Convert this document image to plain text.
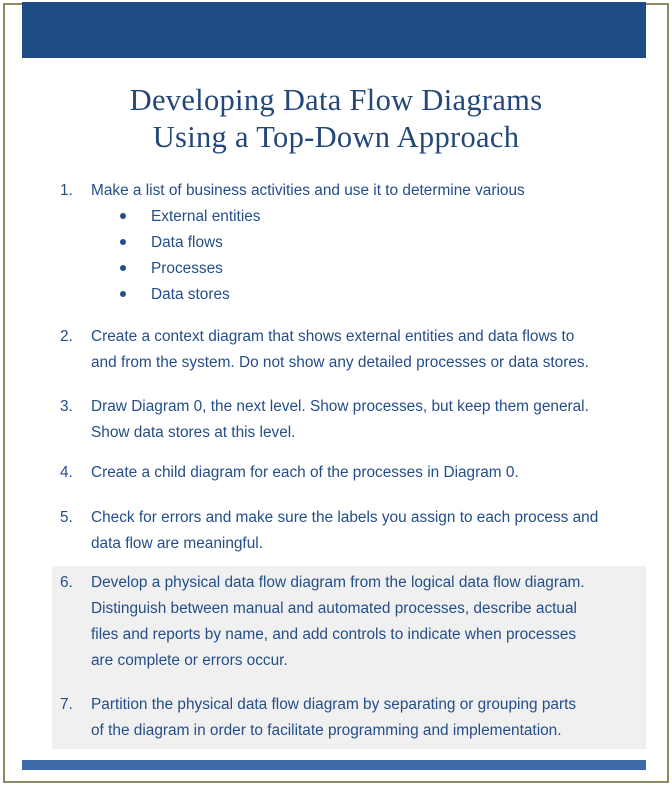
Developing Data Flow Diagrams
Using a Top-Down Approach
1. Make a list of business activities and use it to determine various
External entities
Data flows
Processes
Data stores
2. Create a context diagram that shows external entities and data flows to
and from the system. Do not show any detailed processes or data stores.
3. Draw Diagram 0, the next level. Show processes, but keep them general.
Show data stores at this level.
4. Create a child diagram for each of the processes in Diagram 0.
5. Check for errors and make sure the labels you assign to each process and
data flow are meaningful.
6. Develop a physical data flow diagram from the logical data flow diagram.
Distinguish between manual and automated processes, describe actual
files and reports by name, and add controls to indicate when processes
are complete or errors occur.
7. Partition the physical data flow diagram by separating or grouping parts
of the diagram in order to facilitate programming and implementation.
